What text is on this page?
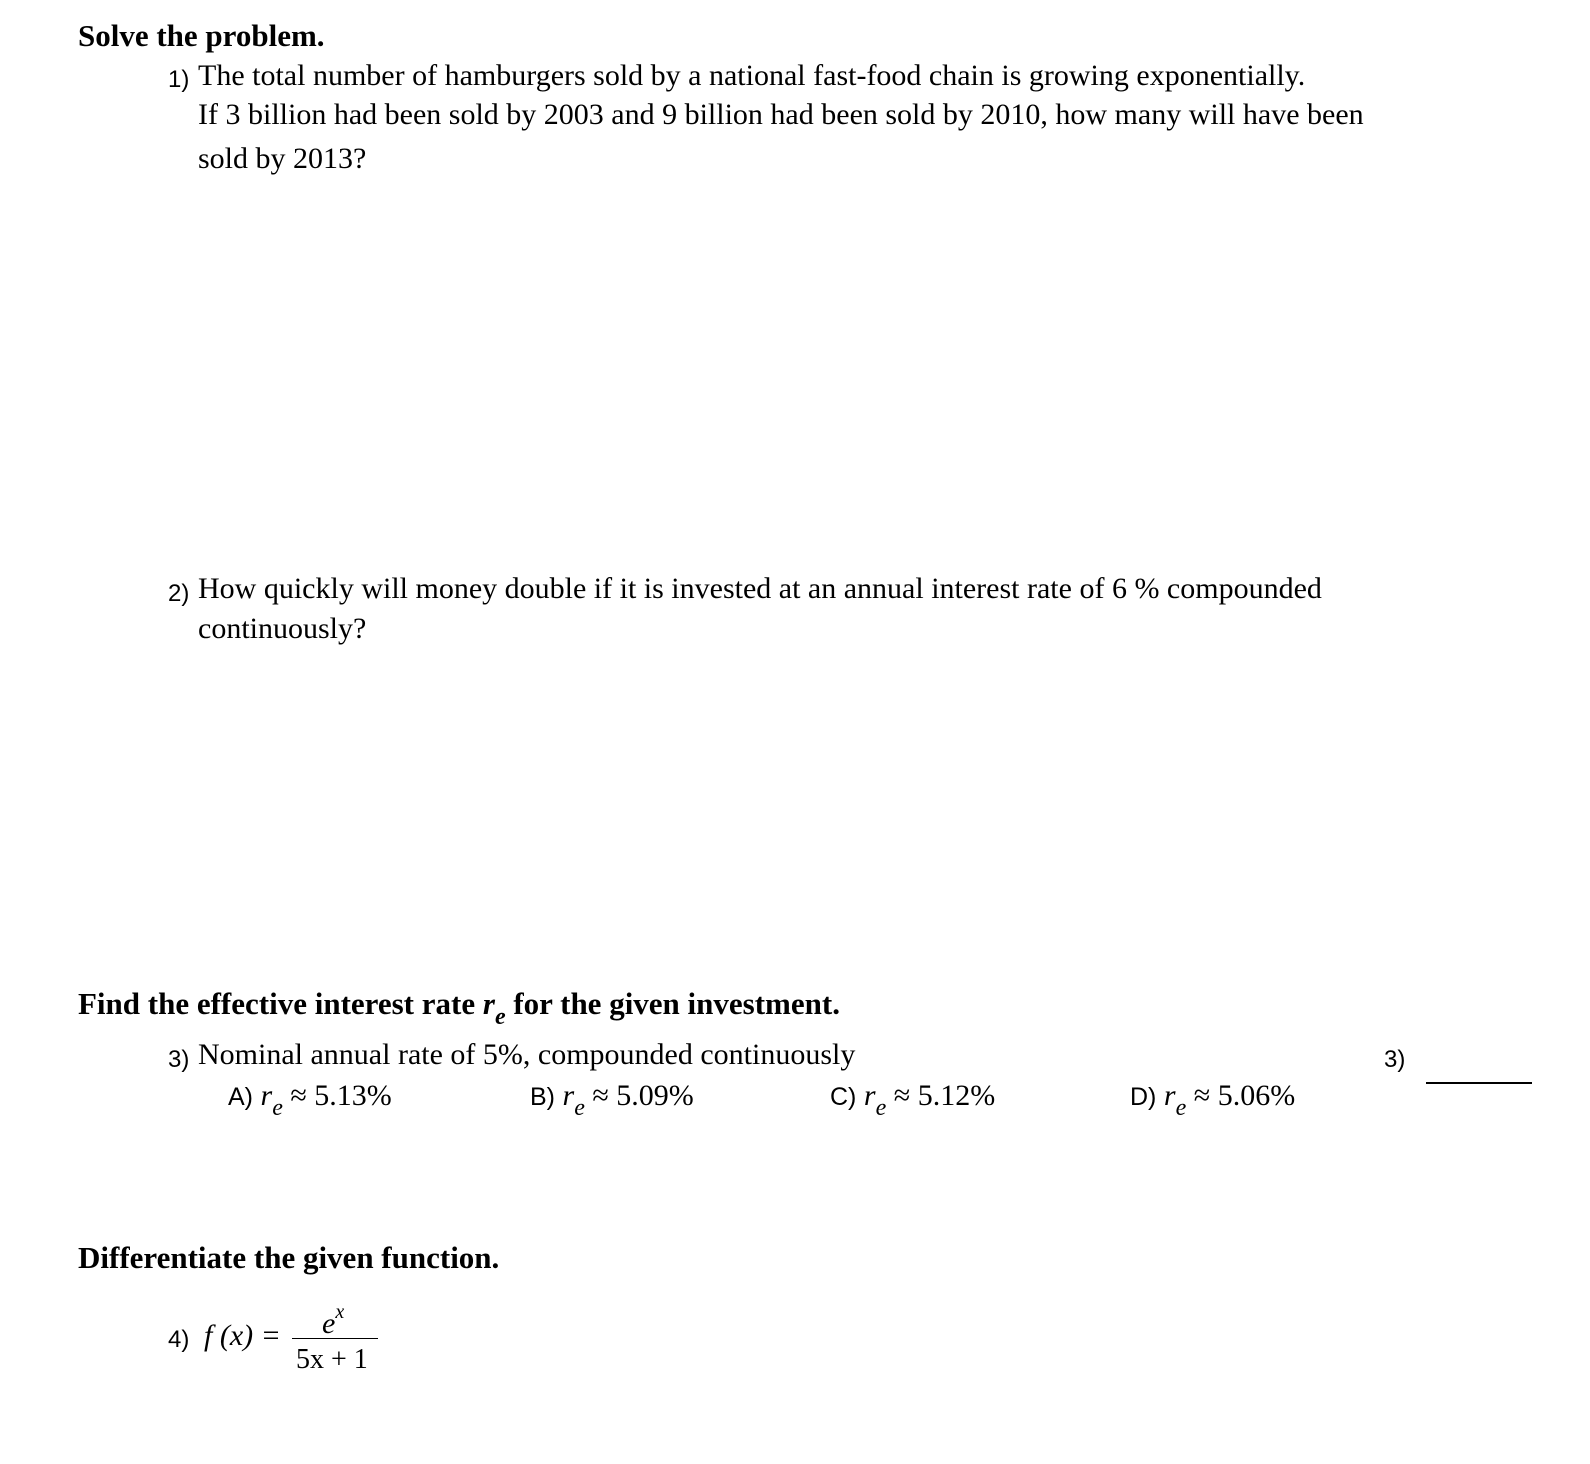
Solve the problem.
1) The total number of hamburgers sold by a national fast-food chain is growing exponentially.
If 3 billion had been sold by 2003 and 9 billion had been sold by 2010, how many will have been
sold by 2013?
2) How quickly will money double if it is invested at an annual interest rate of 6 % compounded
continuously?
Find the effective interest rate $r_e$ for the given investment.
3) Nominal annual rate of 5%, compounded continuously	3)
A) $r_e \approx 5.13\%$	B) $r_e \approx 5.09\%$	C) $r_e \approx 5.12\%$	D) $r_e \approx 5.06\%$
Differentiate the given function.
4) f $(x) = e^x$
5x + 1
